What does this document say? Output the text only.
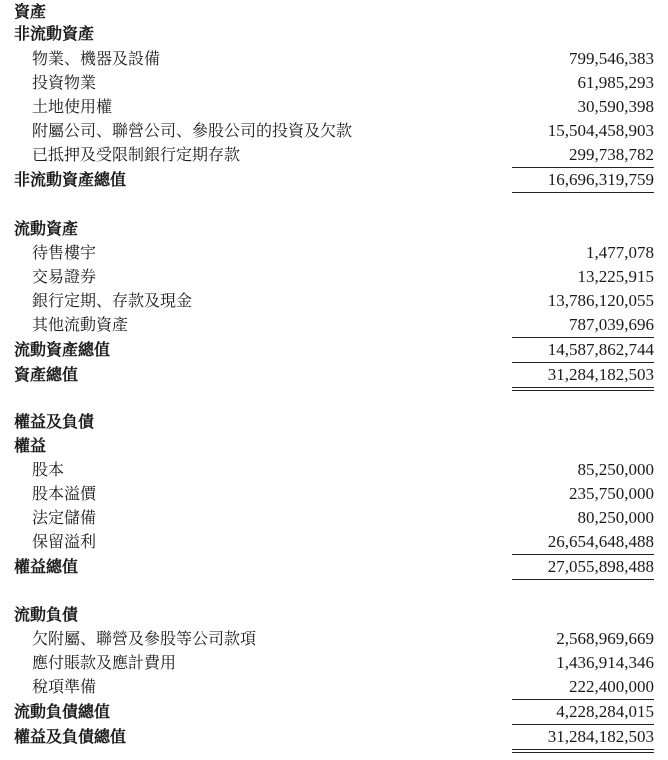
資產
非流動資產
物業、機器及設備	799,546,383
投資物業	61,985,293
土地使用權	30,590,398
附屬公司、聯營公司、參股公司的投資及欠款	15,504,458,903
已抵押及受限制銀行定期存款	299,738,782
非流動資產總值	16,696,319,759
流動資產
待售樓宇	1,477,078
交易證券	13,225,915
銀行定期、存款及現金	13,786,120,055
其他流動資產	787,039,696
流動資產總值	14,587,862,744
資產總值	31,284,182,503
權益及負債
權益
股本	85,250,000
股本溢價	235,750,000
法定儲備	80,250,000
保留溢利	26,654,648,488
權益總值	27,055,898,488
流動負債
欠附屬、聯營及參股等公司款項	2,568,969,669
應付賬款及應計費用	1,436,914,346
稅項準備	222,400,000
流動負債總值	4,228,284,015
權益及負債總值	31,284,182,503
